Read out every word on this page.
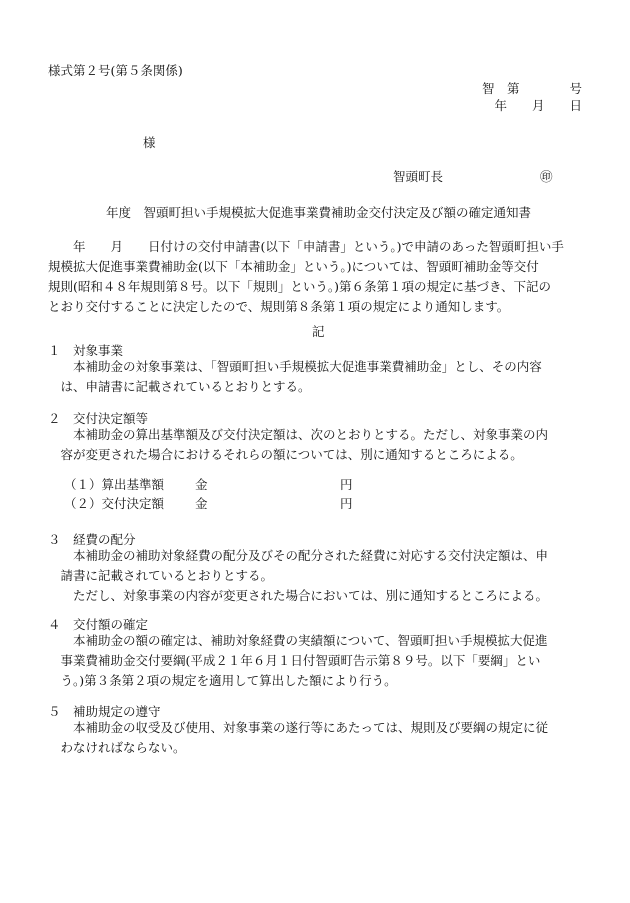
様式第２号(第５条関係)
智　第　　　　号
年　　月　　日
様
智頭町長	㊞
年度　智頭町担い手規模拡大促進事業費補助金交付決定及び額の確定通知書
　　年　　月　　日付けの交付申請書(以下「申請書」という。)で申請のあった智頭町担い手
規模拡大促進事業費補助金(以下「本補助金」という。)については、智頭町補助金等交付
規則(昭和４８年規則第８号。以下「規則」という。)第６条第１項の規定に基づき、下記の
とおり交付することに決定したので、規則第８条第１項の規定により通知します。
記
１　対象事業
　　本補助金の対象事業は、「智頭町担い手規模拡大促進事業費補助金」とし、その内容
　は、申請書に記載されているとおりとする。
２　交付決定額等
　　本補助金の算出基準額及び交付決定額は、次のとおりとする。ただし、対象事業の内
　容が変更された場合におけるそれらの額については、別に通知するところによる。
（１）算出基準額 金	円
（２）交付決定額 金	円
３　経費の配分
　　本補助金の補助対象経費の配分及びその配分された経費に対応する交付決定額は、申
　請書に記載されているとおりとする。
　　ただし、対象事業の内容が変更された場合においては、別に通知するところによる。
４　交付額の確定
　　本補助金の額の確定は、補助対象経費の実績額について、智頭町担い手規模拡大促進
　事業費補助金交付要綱(平成２１年６月１日付智頭町告示第８９号。以下「要綱」とい
　う。)第３条第２項の規定を適用して算出した額により行う。
５　補助規定の遵守
　　本補助金の収受及び使用、対象事業の遂行等にあたっては、規則及び要綱の規定に従
　わなければならない。
